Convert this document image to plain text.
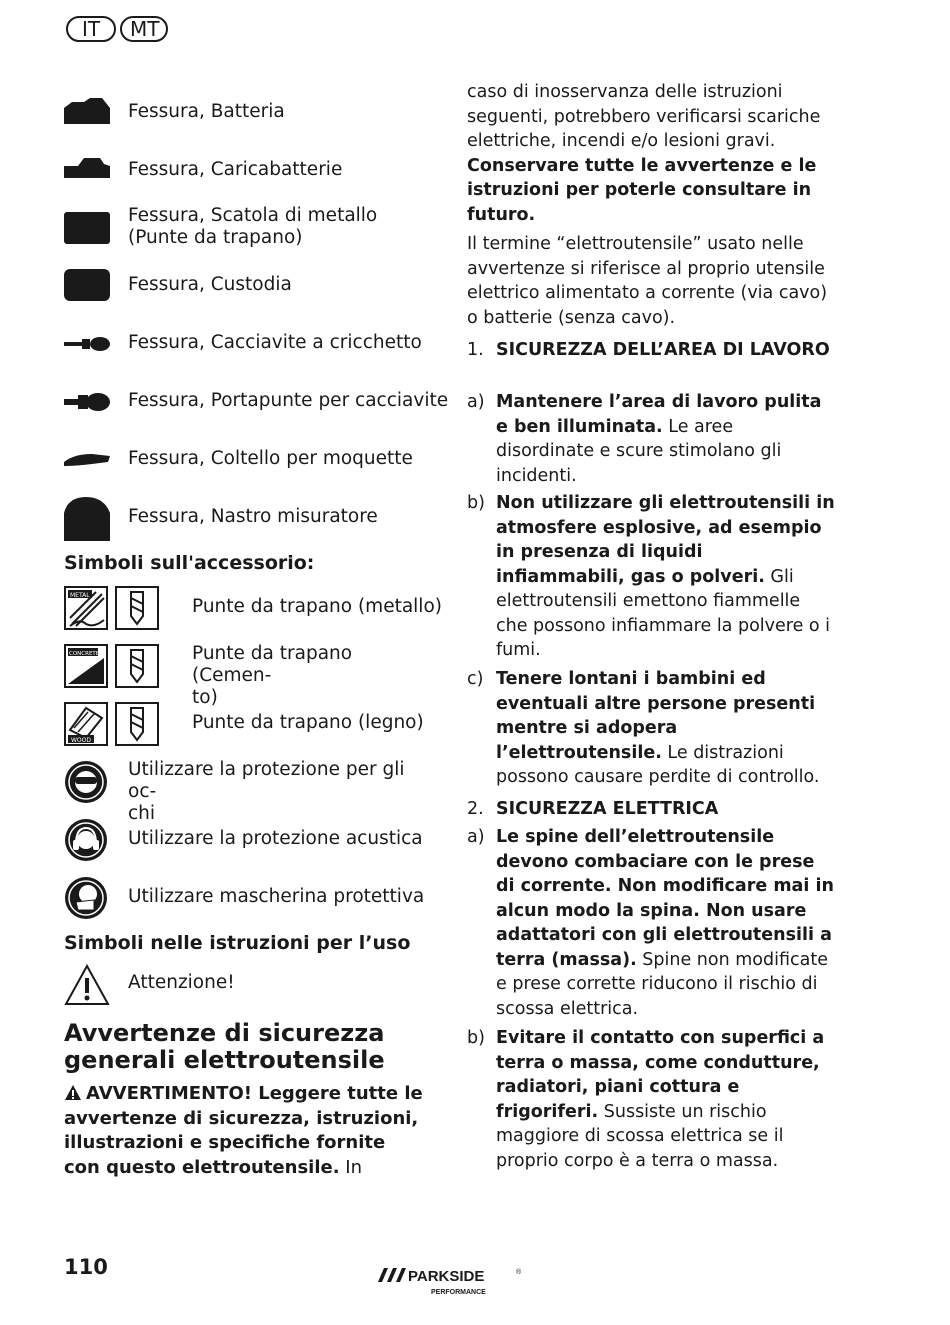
IT	MT
Fessura, Batteria
Fessura, Caricabatterie
Fessura, Scatola di metallo (Punte da trapano)
Fessura, Custodia
Fessura, Cacciavite a cricchetto
Fessura, Portapunte per cacciavite
Fessura, Coltello per moquette
Fessura, Nastro misuratore
Simboli sull'accessorio:
METAL
Punte da trapano (metallo)
CONCRETE	Punte da trapano (Cemen-
to)
WOOD
Punte da trapano (legno)
Utilizzare la protezione per gli oc-
chi
Utilizzare la protezione acustica
Utilizzare mascherina protettiva
Simboli nelle istruzioni per l’uso
Attenzione!
Avvertenze di sicurezza
generali elettroutensile
AVVERTIMENTO! Leggere tutte le avvertenze di sicurezza, istruzioni, illustrazioni e specifiche fornite con questo elettroutensile. In
caso di inosservanza delle istruzioni seguenti, potrebbero verificarsi scariche elettriche, incendi e/o lesioni gravi. Conservare tutte le avvertenze e le istruzioni per poterle consultare in futuro.
Il termine “elettroutensile” usato nelle avvertenze si riferisce al proprio utensile elettrico alimentato a corrente (via cavo) o batterie (senza cavo).
1. SICUREZZA DELL’AREA DI LAVORO
a) Mantenere l’area di lavoro pulita e ben illuminata. Le aree disordinate e scure stimolano gli incidenti.
b) Non utilizzare gli elettroutensili in atmosfere esplosive, ad esempio in presenza di liquidi infiammabili, gas o polveri. Gli elettroutensili emettono fiammelle che possono infiammare la polvere o i fumi.
c) Tenere lontani i bambini ed eventuali altre persone presenti mentre si adopera l’elettroutensile. Le distrazioni possono causare perdite di controllo.
2. SICUREZZA ELETTRICA
a) Le spine dell’elettroutensile devono combaciare con le prese di corrente. Non modificare mai in alcun modo la spina. Non usare adattatori con gli elettroutensili a terra (massa). Spine non modificate e prese corrette riducono il rischio di scossa elettrica.
b) Evitare il contatto con superfici a terra o massa, come condutture, radiatori, piani cottura e frigoriferi. Sussiste un rischio maggiore di scossa elettrica se il proprio corpo è a terra o massa.
110	PARKSIDE	®
PERFORMANCE
